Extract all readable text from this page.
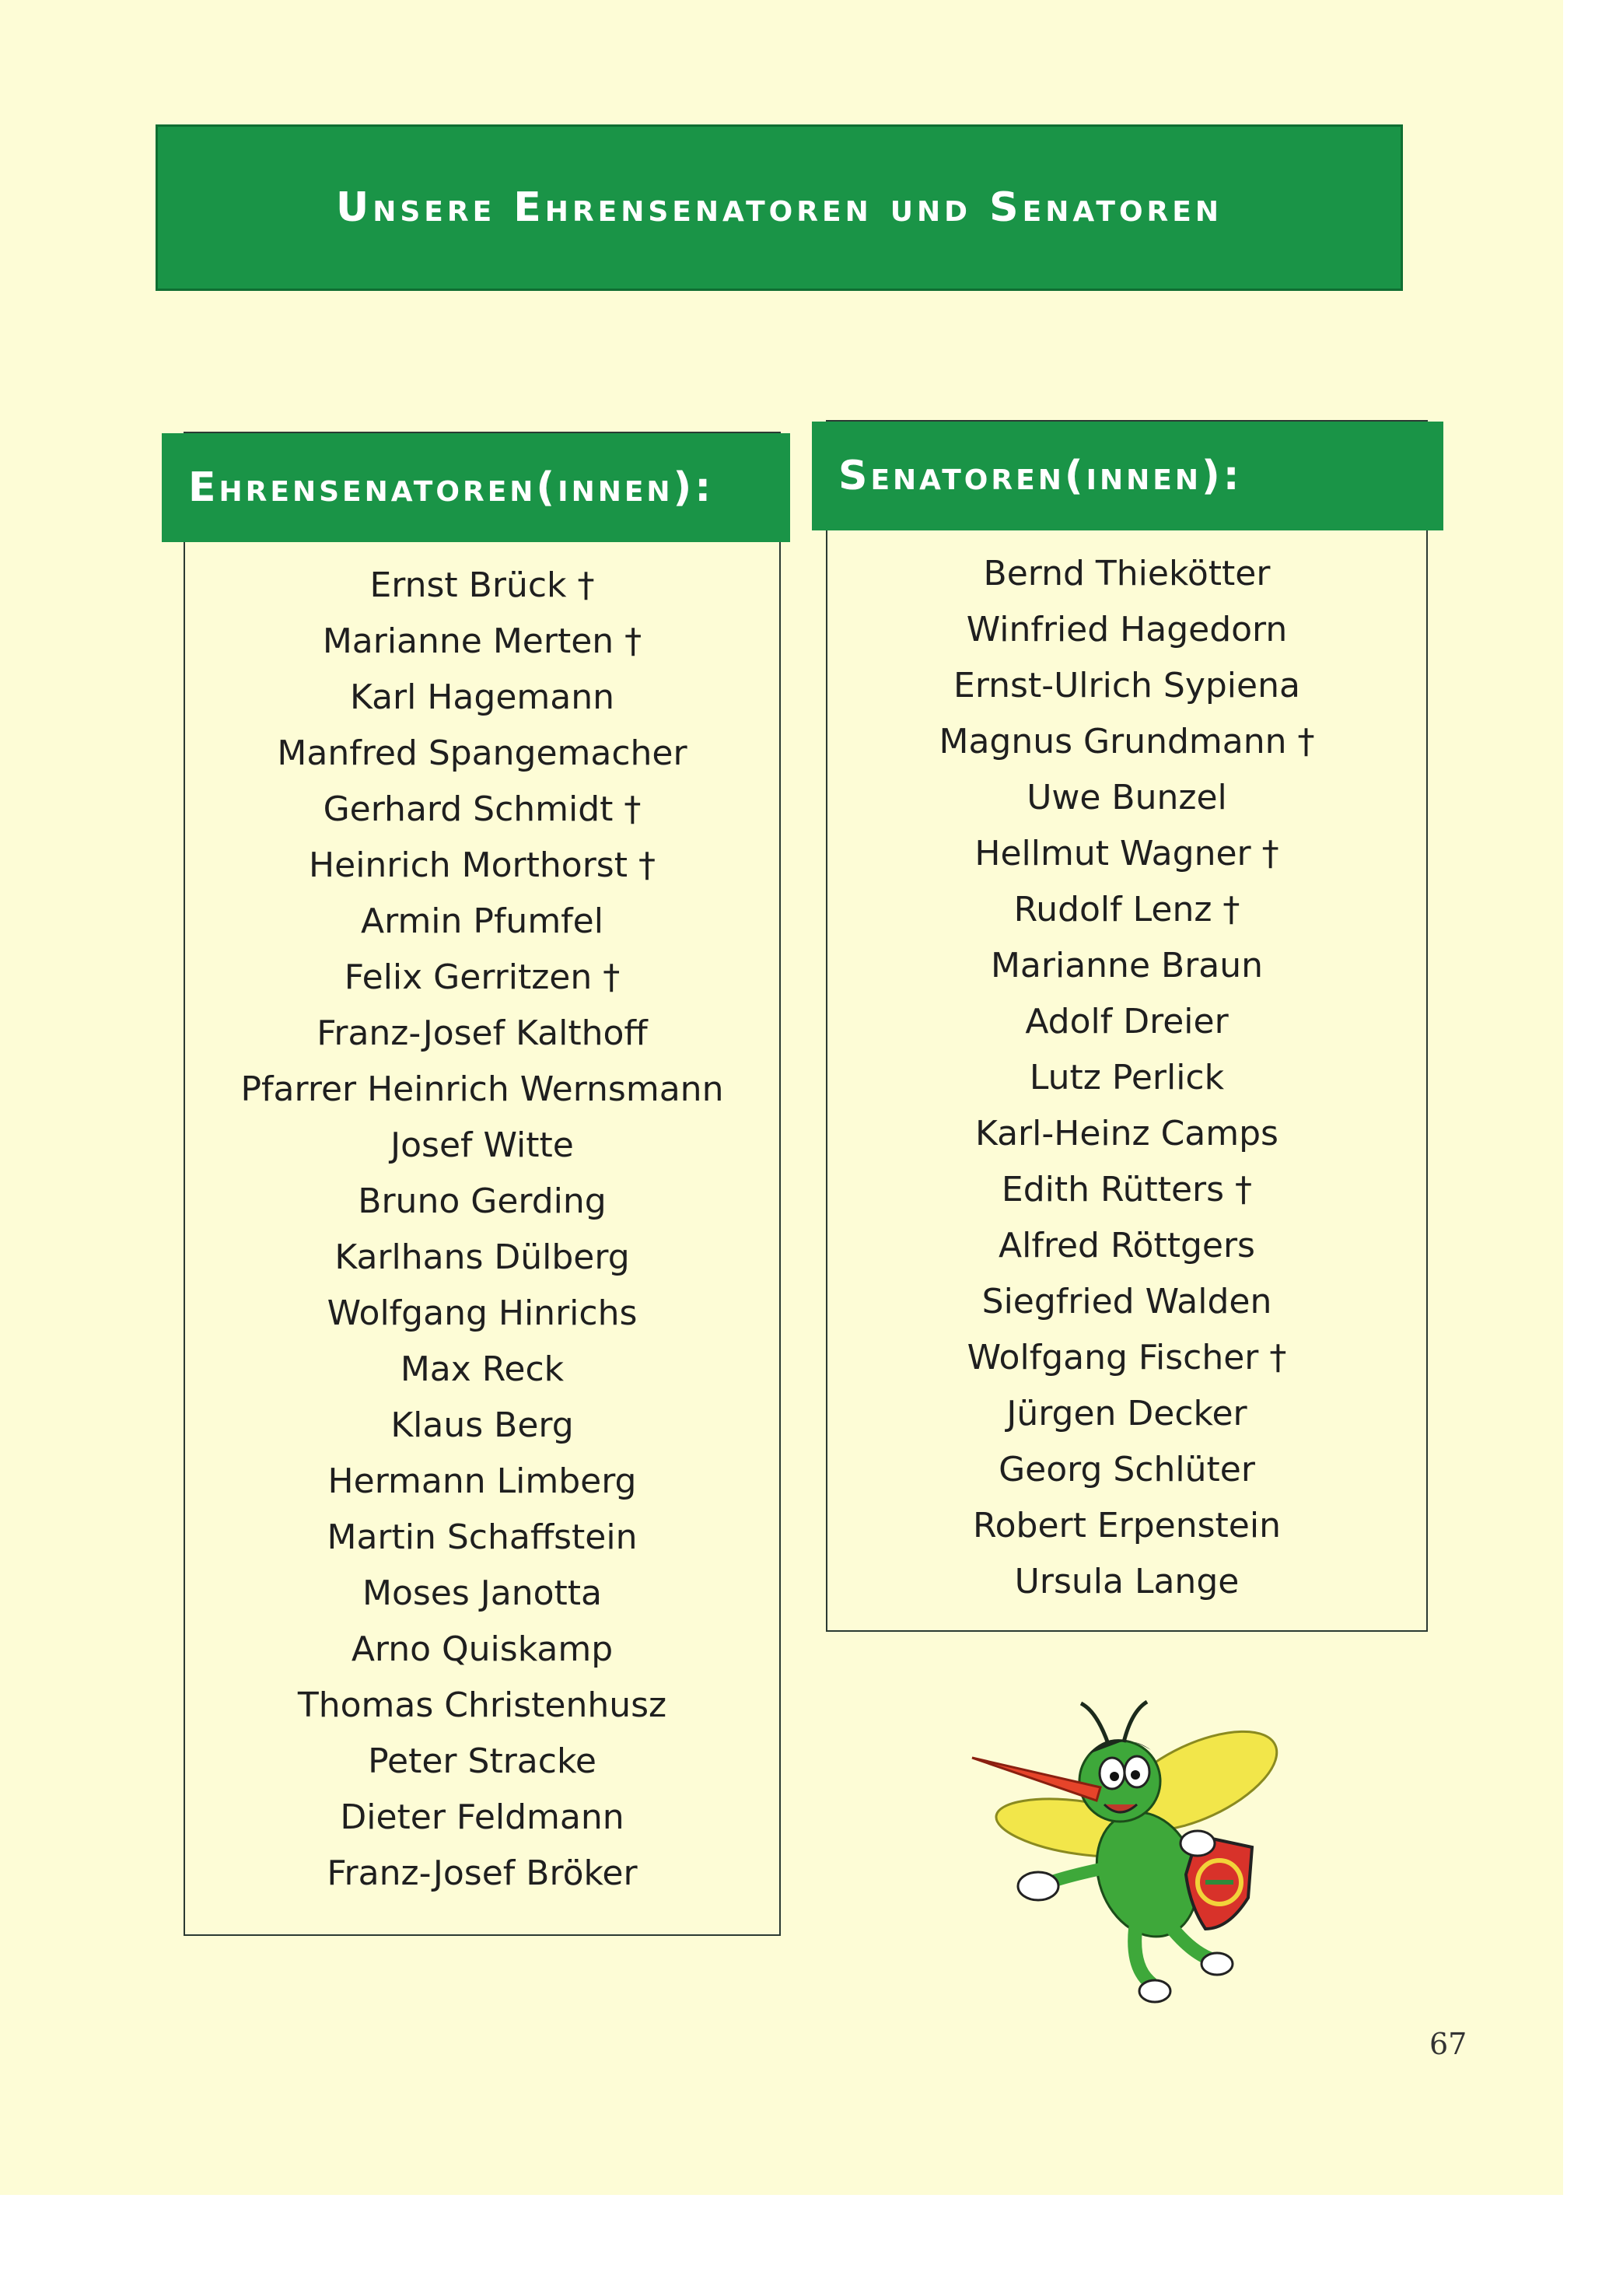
Unsere Ehrensenatoren und Senatoren
Ehrensenatoren(innen):
Ernst Brück †
Marianne Merten †
Karl Hagemann
Manfred Spangemacher
Gerhard Schmidt †
Heinrich Morthorst †
Armin Pfumfel
Felix Gerritzen †
Franz-Josef Kalthoff
Pfarrer Heinrich Wernsmann
Josef Witte
Bruno Gerding
Karlhans Dülberg
Wolfgang Hinrichs
Max Reck
Klaus Berg
Hermann Limberg
Martin Schaffstein
Moses Janotta
Arno Quiskamp
Thomas Christenhusz
Peter Stracke
Dieter Feldmann
Franz-Josef Bröker
Senatoren(innen):
Bernd Thiekötter
Winfried Hagedorn
Ernst-Ulrich Sypiena
Magnus Grundmann †
Uwe Bunzel
Hellmut Wagner †
Rudolf Lenz †
Marianne Braun
Adolf Dreier
Lutz Perlick
Karl-Heinz Camps
Edith Rütters †
Alfred Röttgers
Siegfried Walden
Wolfgang Fischer †
Jürgen Decker
Georg Schlüter
Robert Erpenstein
Ursula Lange
67
